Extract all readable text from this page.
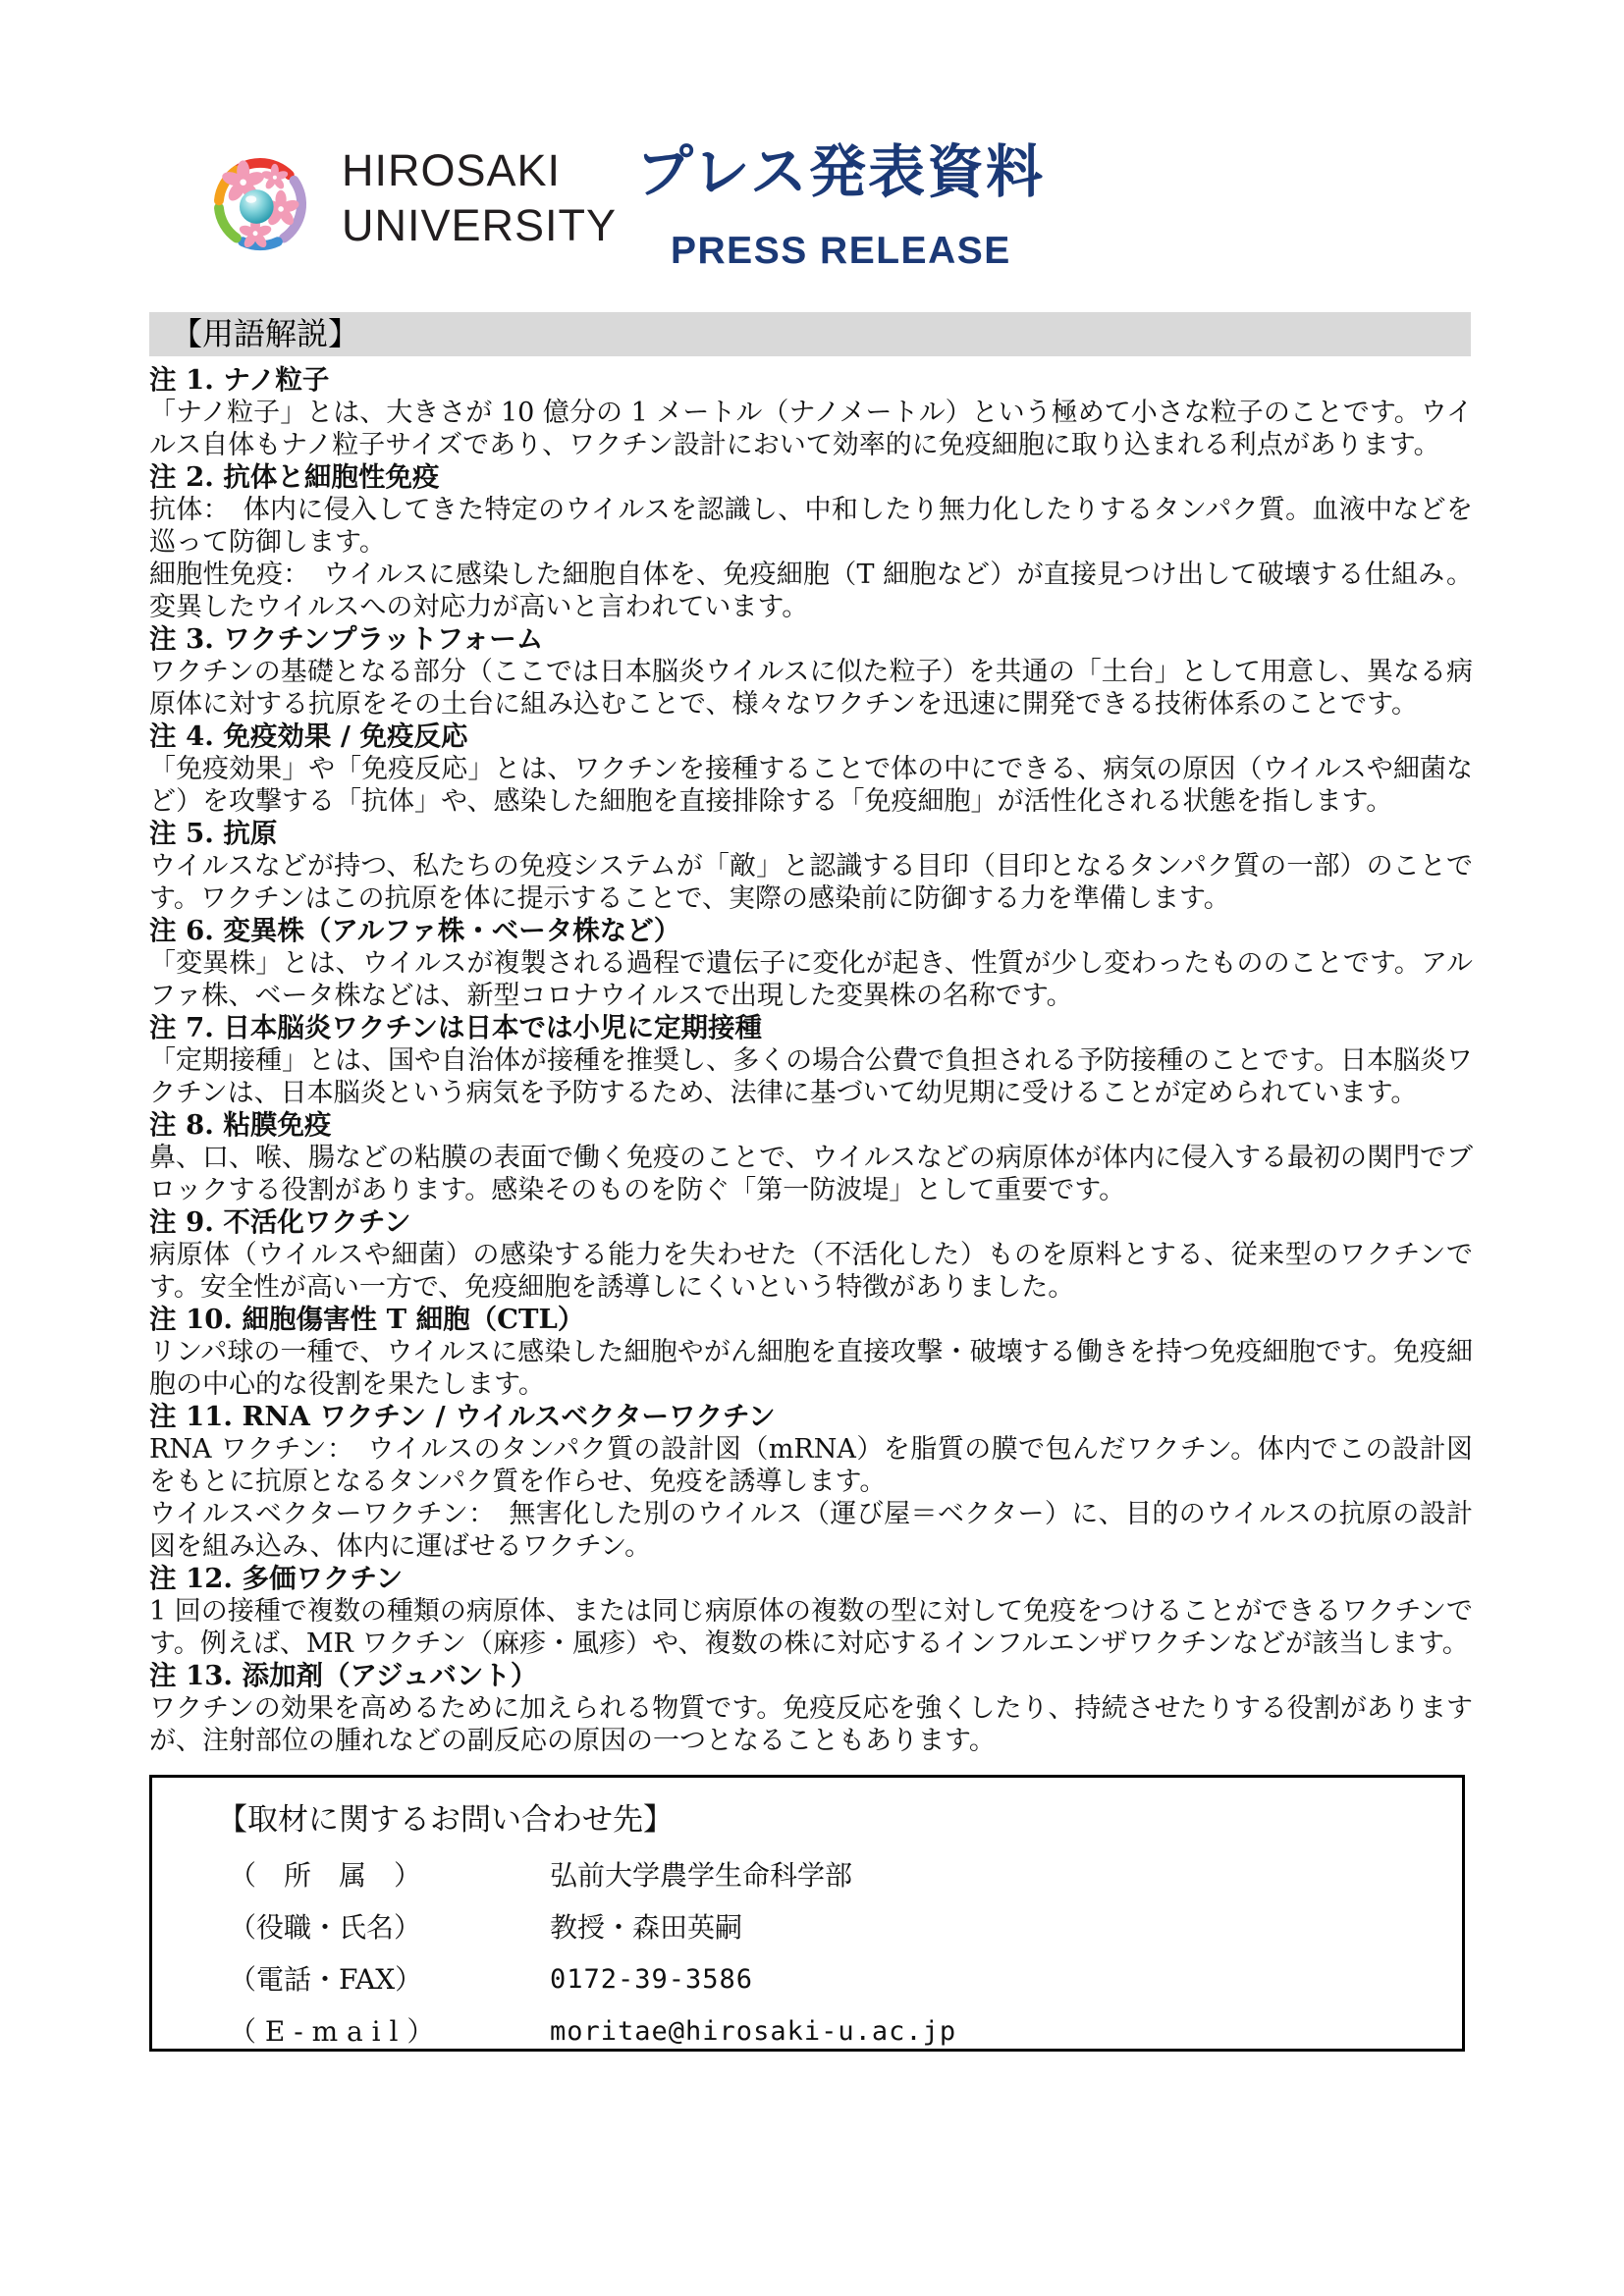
HIROSAKI
UNIVERSITY
プレス発表資料
PRESS RELEASE
【用語解説】
注 1. ナノ粒子

「ナノ粒子」とは、大きさが 10 億分の 1 メートル（ナノメートル）という極めて小さな粒子のことです。ウイルス自体もナノ粒子サイズであり、ワクチン設計において効率的に免疫細胞に取り込まれる利点があります。

注 2. 抗体と細胞性免疫

抗体：　体内に侵入してきた特定のウイルスを認識し、中和したり無力化したりするタンパク質。血液中などを巡って防御します。

細胞性免疫：　ウイルスに感染した細胞自体を、免疫細胞（T 細胞など）が直接見つけ出して破壊する仕組み。変異したウイルスへの対応力が高いと言われています。

注 3. ワクチンプラットフォーム

ワクチンの基礎となる部分（ここでは日本脳炎ウイルスに似た粒子）を共通の「土台」として用意し、異なる病原体に対する抗原をその土台に組み込むことで、様々なワクチンを迅速に開発できる技術体系のことです。

注 4. 免疫効果 / 免疫反応

「免疫効果」や「免疫反応」とは、ワクチンを接種することで体の中にできる、病気の原因（ウイルスや細菌など）を攻撃する「抗体」や、感染した細胞を直接排除する「免疫細胞」が活性化される状態を指します。

注 5. 抗原

ウイルスなどが持つ、私たちの免疫システムが「敵」と認識する目印（目印となるタンパク質の一部）のことです。ワクチンはこの抗原を体に提示することで、実際の感染前に防御する力を準備します。

注 6. 変異株（アルファ株・ベータ株など）

「変異株」とは、ウイルスが複製される過程で遺伝子に変化が起き、性質が少し変わったもののことです。アルファ株、ベータ株などは、新型コロナウイルスで出現した変異株の名称です。

注 7. 日本脳炎ワクチンは日本では小児に定期接種

「定期接種」とは、国や自治体が接種を推奨し、多くの場合公費で負担される予防接種のことです。日本脳炎ワクチンは、日本脳炎という病気を予防するため、法律に基づいて幼児期に受けることが定められています。

注 8. 粘膜免疫

鼻、口、喉、腸などの粘膜の表面で働く免疫のことで、ウイルスなどの病原体が体内に侵入する最初の関門でブロックする役割があります。感染そのものを防ぐ「第一防波堤」として重要です。

注 9. 不活化ワクチン

病原体（ウイルスや細菌）の感染する能力を失わせた（不活化した）ものを原料とする、従来型のワクチンです。安全性が高い一方で、免疫細胞を誘導しにくいという特徴がありました。

注 10. 細胞傷害性 T 細胞（CTL）

リンパ球の一種で、ウイルスに感染した細胞やがん細胞を直接攻撃・破壊する働きを持つ免疫細胞です。免疫細胞の中心的な役割を果たします。

注 11. RNA ワクチン / ウイルスベクターワクチン

RNA ワクチン：　ウイルスのタンパク質の設計図（mRNA）を脂質の膜で包んだワクチン。体内でこの設計図をもとに抗原となるタンパク質を作らせ、免疫を誘導します。

ウイルスベクターワクチン：　無害化した別のウイルス（運び屋＝ベクター）に、目的のウイルスの抗原の設計図を組み込み、体内に運ばせるワクチン。

注 12. 多価ワクチン

1 回の接種で複数の種類の病原体、または同じ病原体の複数の型に対して免疫をつけることができるワクチンです。例えば、MR ワクチン（麻疹・風疹）や、複数の株に対応するインフルエンザワクチンなどが該当します。

注 13. 添加剤（アジュバント）

ワクチンの効果を高めるために加えられる物質です。免疫反応を強くしたり、持続させたりする役割がありますが、注射部位の腫れなどの副反応の原因の一つとなることもあります。

【取材に関するお問い合わせ先】
（　所　属　）	弘前大学農学生命科学部
（役職・氏名）	教授・森田英嗣
（電話・FAX）	0172-39-3586
（ E - m a i l ）	moritae@hirosaki-u.ac.jp
